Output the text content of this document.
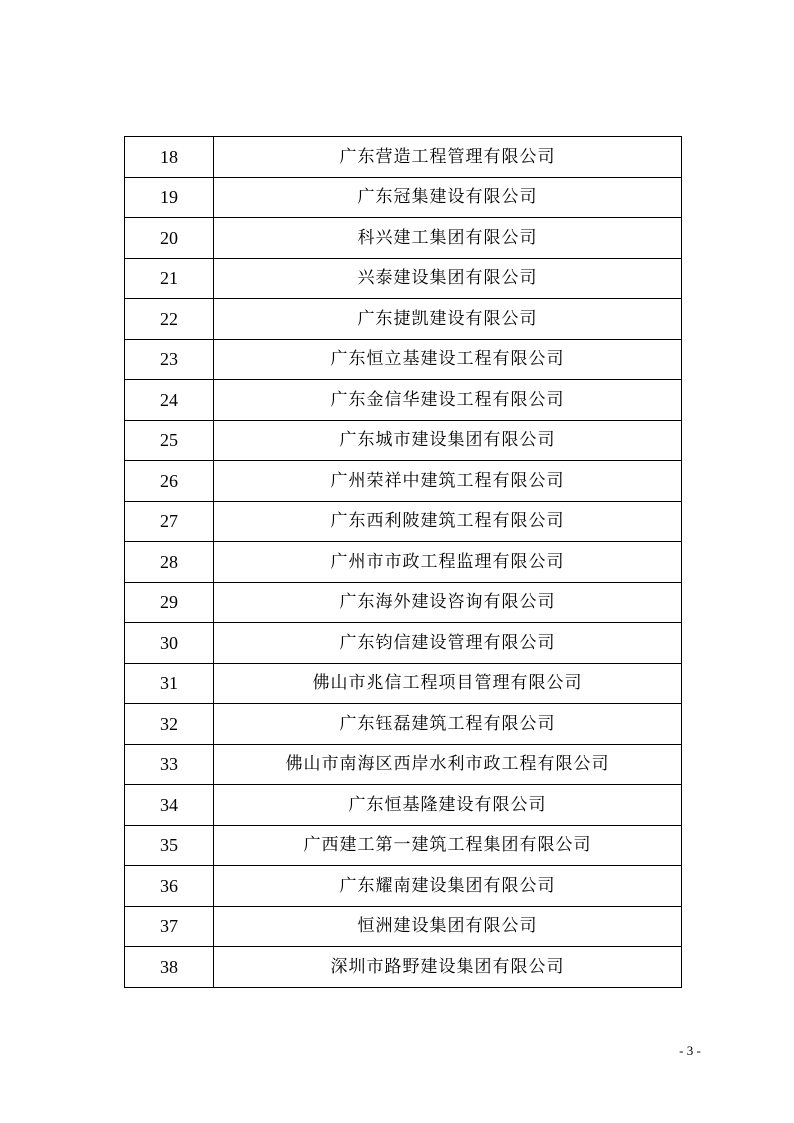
18	广东营造工程管理有限公司
19	广东冠集建设有限公司
20	科兴建工集团有限公司
21	兴泰建设集团有限公司
22	广东捷凯建设有限公司
23	广东恒立基建设工程有限公司
24	广东金信华建设工程有限公司
25	广东城市建设集团有限公司
26	广州荣祥中建筑工程有限公司
27	广东西利陂建筑工程有限公司
28	广州市市政工程监理有限公司
29	广东海外建设咨询有限公司
30	广东钧信建设管理有限公司
31	佛山市兆信工程项目管理有限公司
32	广东钰磊建筑工程有限公司
33	佛山市南海区西岸水利市政工程有限公司
34	广东恒基隆建设有限公司
35	广西建工第一建筑工程集团有限公司
36	广东耀南建设集团有限公司
37	恒洲建设集团有限公司
38	深圳市路野建设集团有限公司
- 3 -
